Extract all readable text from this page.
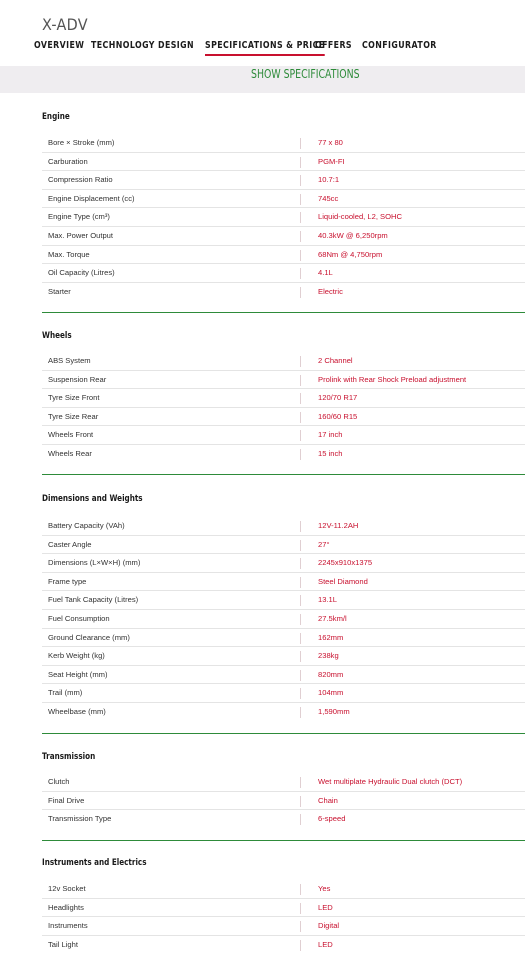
X-ADV
OVERVIEW TECHNOLOGY DESIGN SPECIFICATIONS & PRICE
OFFERS CONFIGURATOR
SHOW SPECIFICATIONS
Engine
Bore × Stroke (mm)	77 x 80
Carburation	PGM-FI
Compression Ratio	10.7:1
Engine Displacement (cc)	745cc
Engine Type (cm³)	Liquid-cooled, L2, SOHC
Max. Power Output	40.3kW @ 6,250rpm
Max. Torque	68Nm @ 4,750rpm
Oil Capacity (Litres)	4.1L
Starter	Electric
Wheels
ABS System	2 Channel
Suspension Rear	Prolink with Rear Shock Preload adjustment
Tyre Size Front	120/70 R17
Tyre Size Rear	160/60 R15
Wheels Front	17 inch
Wheels Rear	15 inch
Dimensions and Weights
Battery Capacity (VAh)	12V-11.2AH
Caster Angle	27°
Dimensions (L×W×H) (mm)	2245x910x1375
Frame type	Steel Diamond
Fuel Tank Capacity (Litres)	13.1L
Fuel Consumption	27.5km/l
Ground Clearance (mm)	162mm
Kerb Weight (kg)	238kg
Seat Height (mm)	820mm
Trail (mm)	104mm
Wheelbase (mm)	1,590mm
Transmission
Clutch	Wet multiplate Hydraulic Dual clutch (DCT)
Final Drive	Chain
Transmission Type	6-speed
Instruments and Electrics
12v Socket	Yes
Headlights	LED
Instruments	Digital
Tail Light	LED
